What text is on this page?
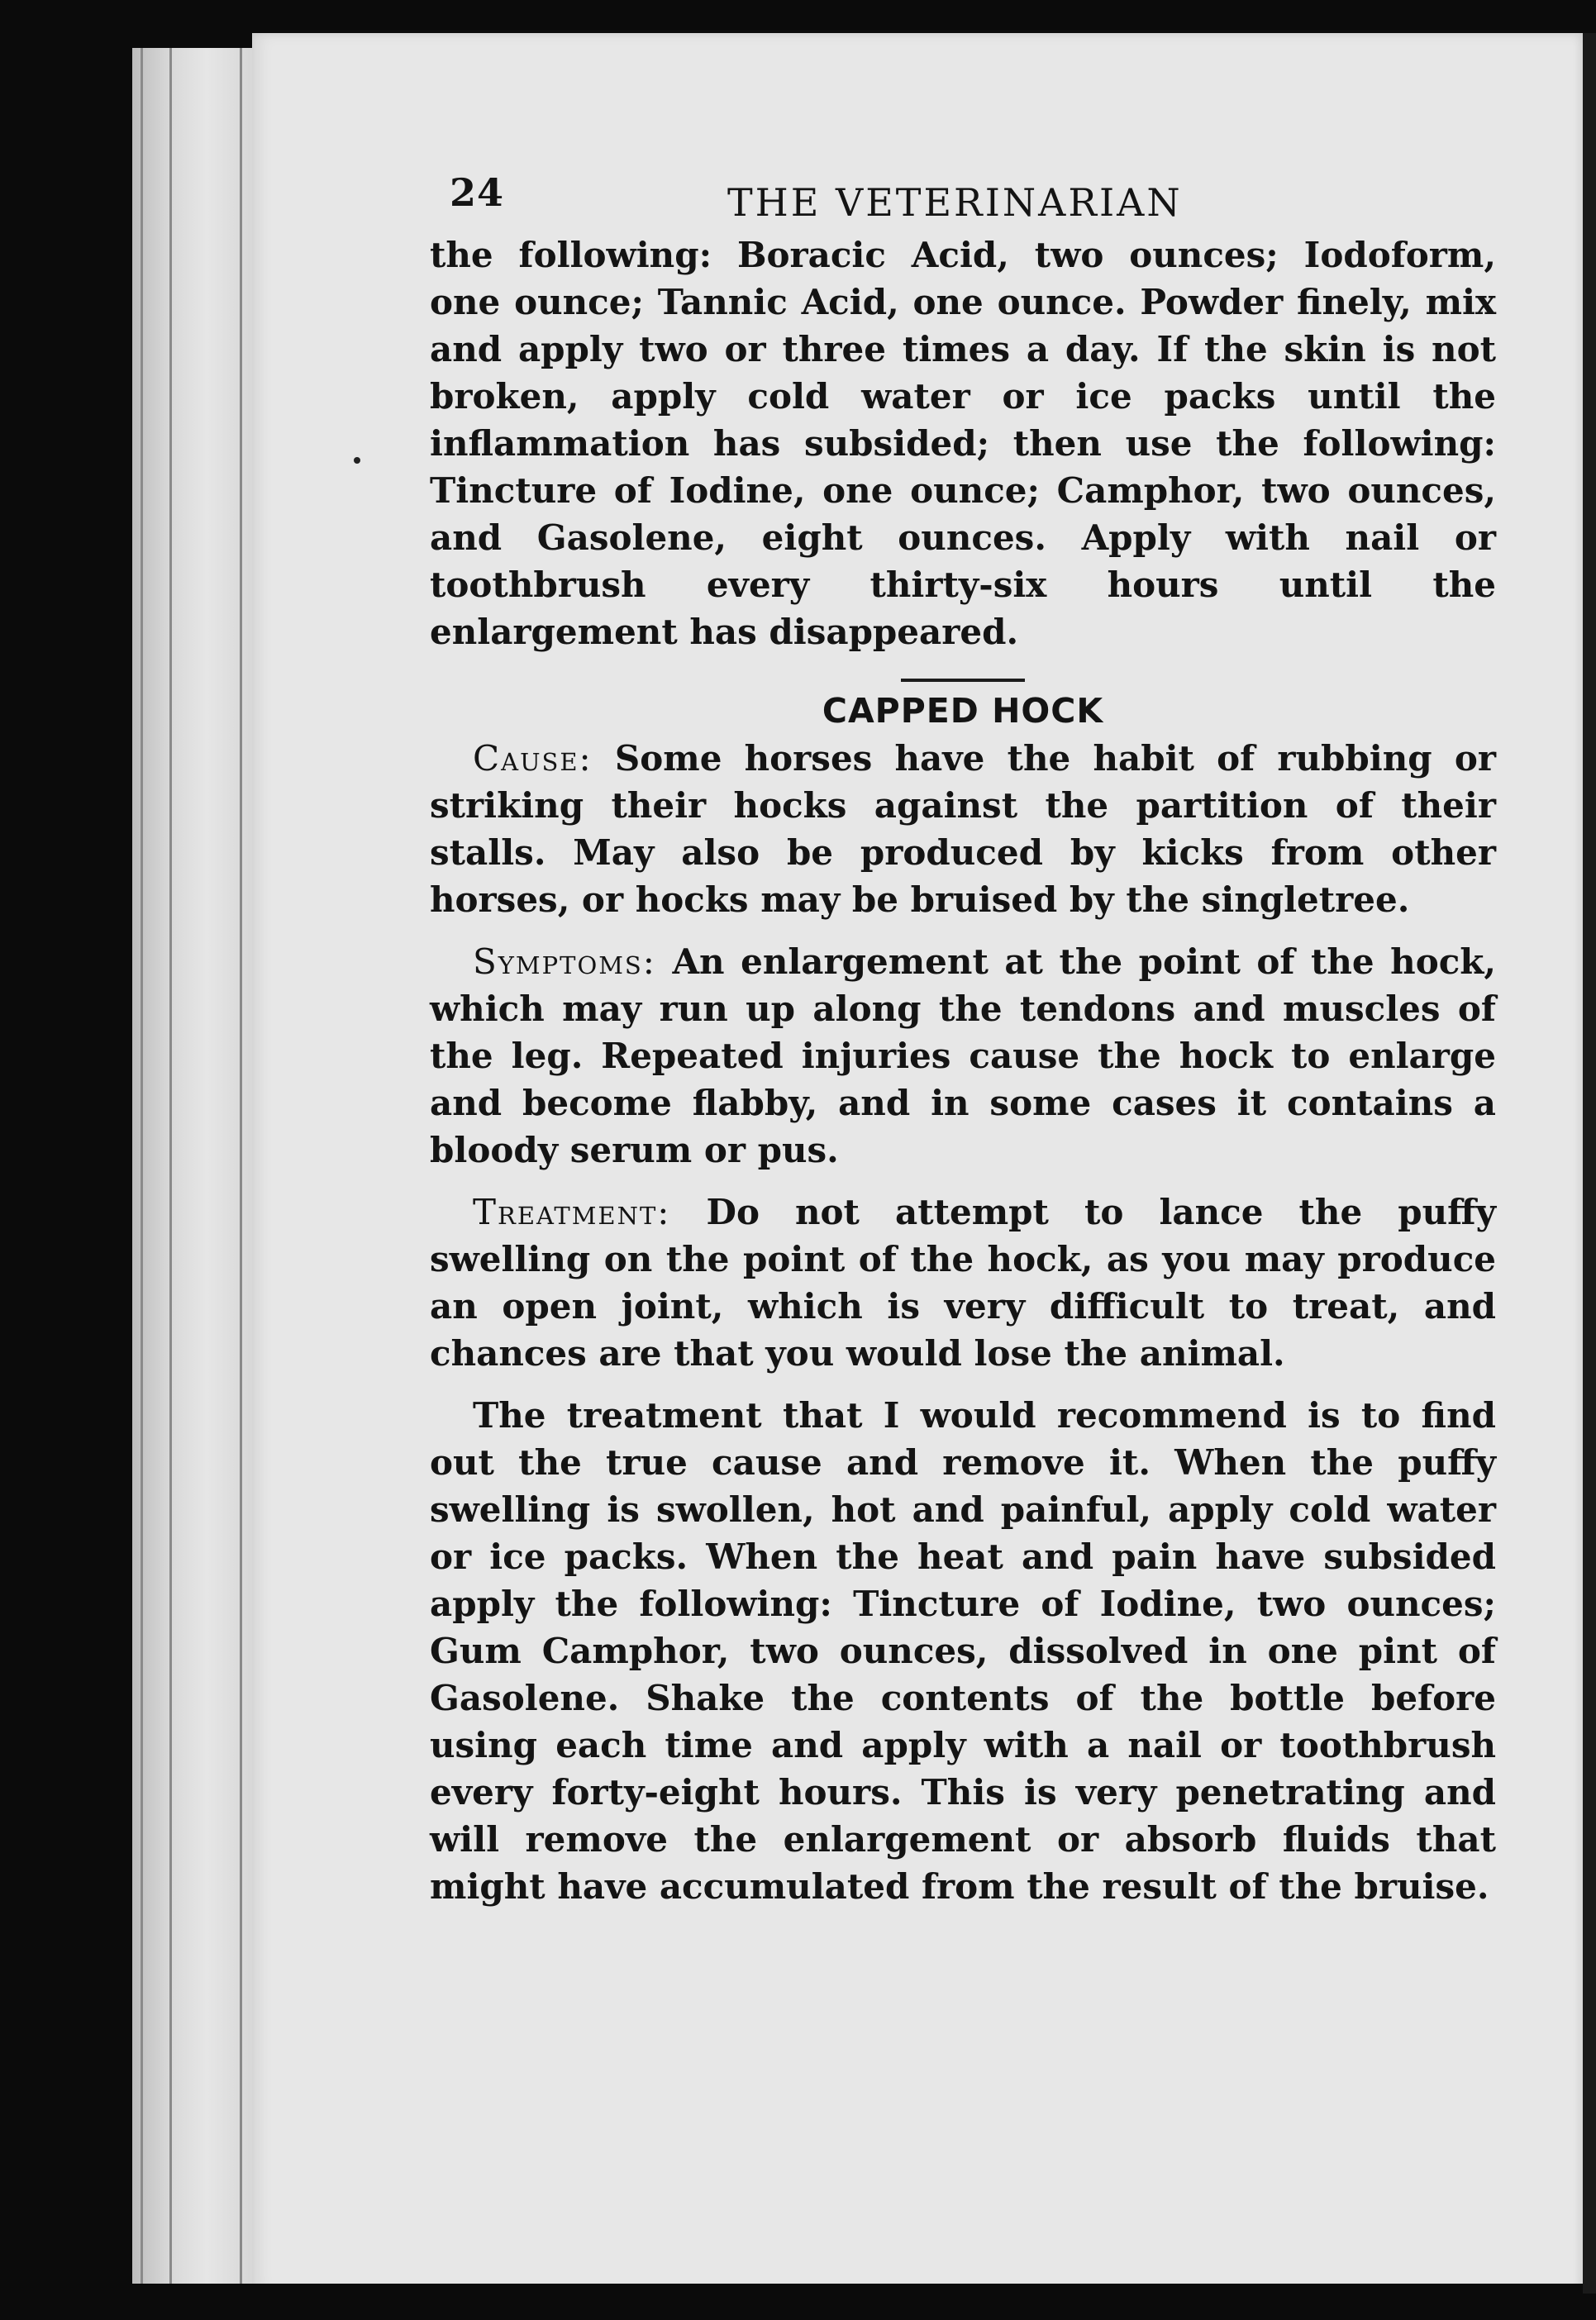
24	THE VETERINARIAN

the following: Boracic Acid, two ounces; Iodoform, one ounce; Tannic Acid, one ounce. Powder finely, mix and apply two or three times a day. If the skin is not broken, apply cold water or ice packs until the inflammation has subsided; then use the following: Tincture of Iodine, one ounce; Camphor, two ounces, and Gasolene, eight ounces. Apply with nail or toothbrush every thirty-six hours until the enlargement has disappeared.

CAPPED HOCK

Cause: Some horses have the habit of rubbing or striking their hocks against the partition of their stalls. May also be produced by kicks from other horses, or hocks may be bruised by the singletree.

Symptoms: An enlargement at the point of the hock, which may run up along the tendons and muscles of the leg. Repeated injuries cause the hock to enlarge and become flabby, and in some cases it contains a bloody serum or pus.

Treatment: Do not attempt to lance the puffy swelling on the point of the hock, as you may produce an open joint, which is very difficult to treat, and chances are that you would lose the animal.

The treatment that I would recommend is to find out the true cause and remove it. When the puffy swelling is swollen, hot and painful, apply cold water or ice packs. When the heat and pain have subsided apply the following: Tincture of Iodine, two ounces; Gum Camphor, two ounces, dissolved in one pint of Gasolene. Shake the contents of the bottle before using each time and apply with a nail or toothbrush every forty-eight hours. This is very penetrating and will remove the enlargement or absorb fluids that might have accumulated from the result of the bruise.
